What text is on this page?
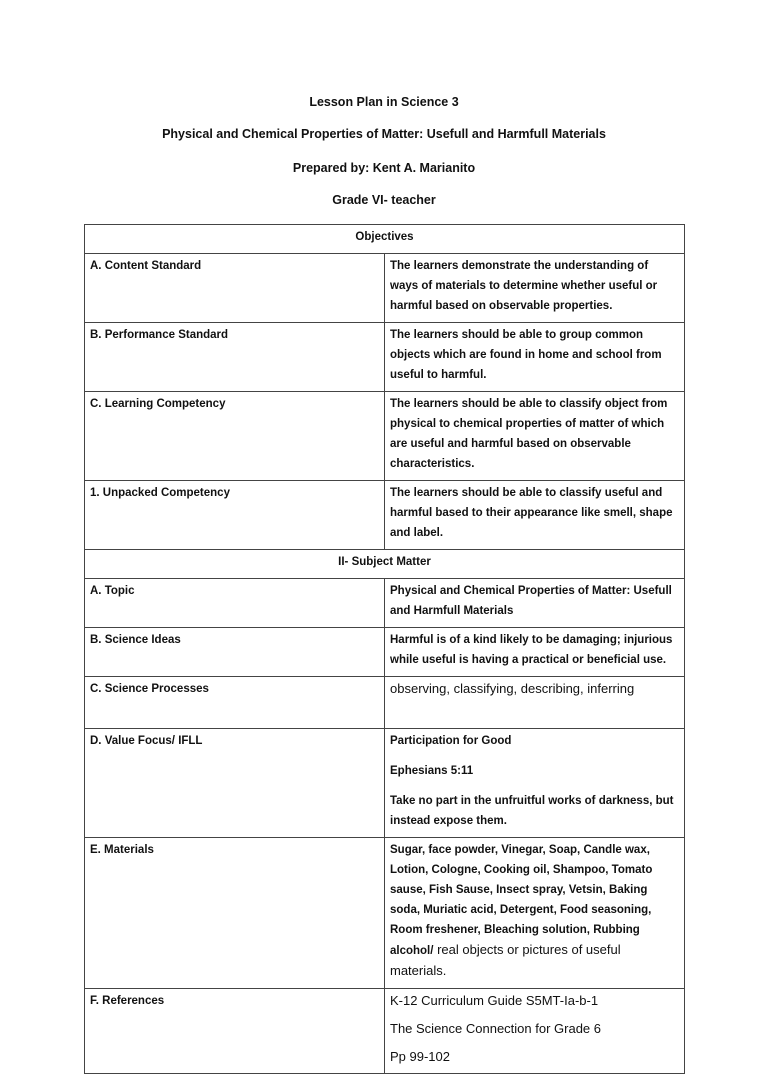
Lesson Plan in Science 3
Physical and Chemical Properties of Matter: Usefull and Harmfull Materials
Prepared by: Kent A. Marianito
Grade VI- teacher
Objectives	
A. Content Standard	The learners demonstrate the understanding of ways of materials to determine whether useful or harmful based on observable properties.
B. Performance Standard	The learners should be able to group common objects which are found in home and school from useful to harmful.
C. Learning Competency	The learners should be able to classify object from physical to chemical properties of matter of which are useful and harmful based on observable characteristics.
1. Unpacked Competency	The learners should be able to classify useful and harmful based to their appearance like smell, shape and label.
II- Subject Matter	
A. Topic	Physical and Chemical Properties of Matter: Usefull and Harmfull Materials
B. Science Ideas	Harmful is of a kind likely to be damaging; injurious while useful is having a practical or beneficial use.
C. Science Processes	observing, classifying, describing, inferring
D. Value Focus/ IFLL	Participation for Good
Ephesians 5:11
Take no part in the unfruitful works of darkness, but instead expose them.

E. Materials	Sugar, face powder, Vinegar, Soap, Candle wax, Lotion, Cologne, Cooking oil, Shampoo, Tomato sause, Fish Sause, Insect spray, Vetsin, Baking soda, Muriatic acid, Detergent, Food seasoning, Room freshener, Bleaching solution, Rubbing alcohol/ real objects or pictures of useful materials.
F. References	K-12 Curriculum Guide S5MT-Ia-b-1
The Science Connection for Grade 6
Pp 99-102
